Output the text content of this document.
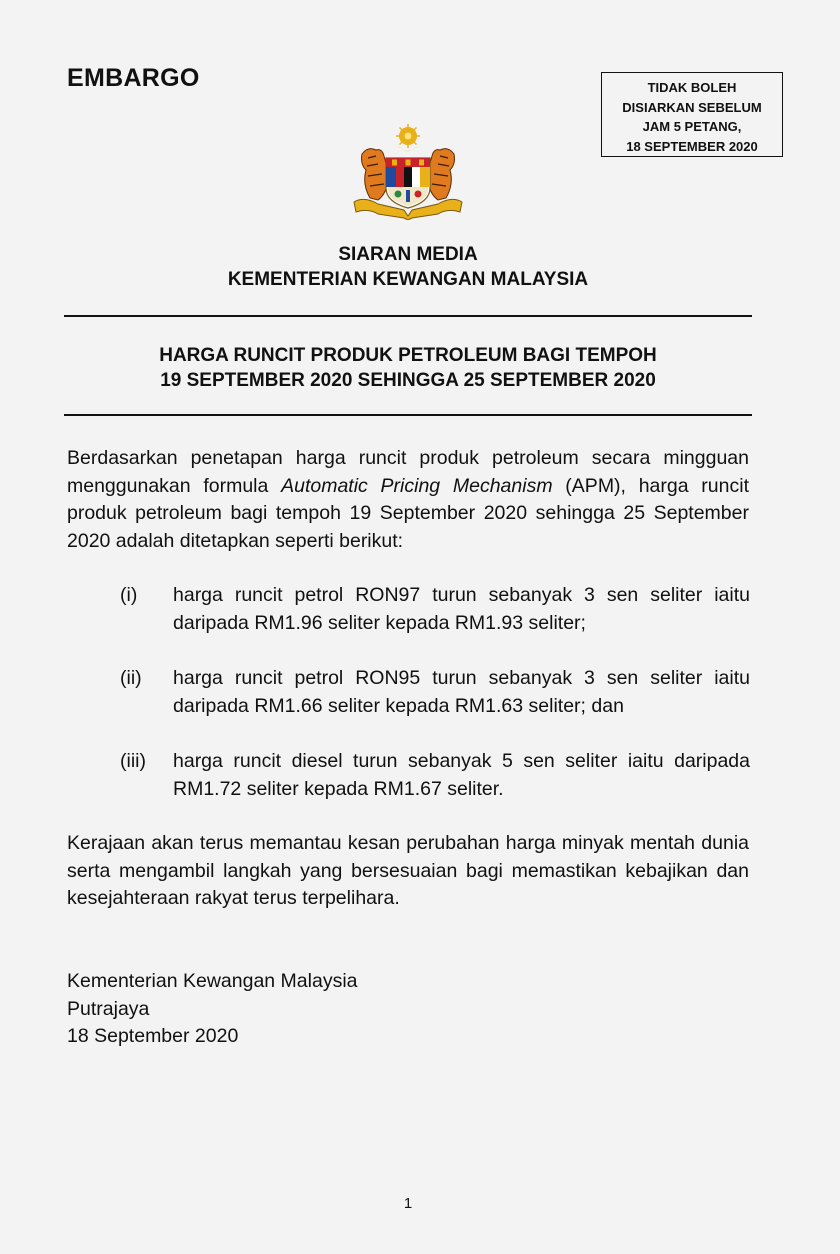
EMBARGO	TIDAK BOLEH
DISIARKAN SEBELUM
JAM 5 PETANG,
18 SEPTEMBER 2020
SIARAN MEDIA
KEMENTERIAN KEWANGAN MALAYSIA
HARGA RUNCIT PRODUK PETROLEUM BAGI TEMPOH
19 SEPTEMBER 2020 SEHINGGA 25 SEPTEMBER 2020
Berdasarkan penetapan harga runcit produk petroleum secara mingguan menggunakan formula Automatic Pricing Mechanism (APM), harga runcit produk petroleum bagi tempoh 19 September 2020 sehingga 25 September 2020 adalah ditetapkan seperti berikut:
(i) harga runcit petrol RON97 turun sebanyak 3 sen seliter iaitu daripada RM1.96 seliter kepada RM1.93 seliter;
(ii) harga runcit petrol RON95 turun sebanyak 3 sen seliter iaitu daripada RM1.66 seliter kepada RM1.63 seliter; dan
(iii) harga runcit diesel turun sebanyak 5 sen seliter iaitu daripada RM1.72 seliter kepada RM1.67 seliter.
Kerajaan akan terus memantau kesan perubahan harga minyak mentah dunia serta mengambil langkah yang bersesuaian bagi memastikan kebajikan dan kesejahteraan rakyat terus terpelihara.
Kementerian Kewangan Malaysia
Putrajaya
18 September 2020
1
